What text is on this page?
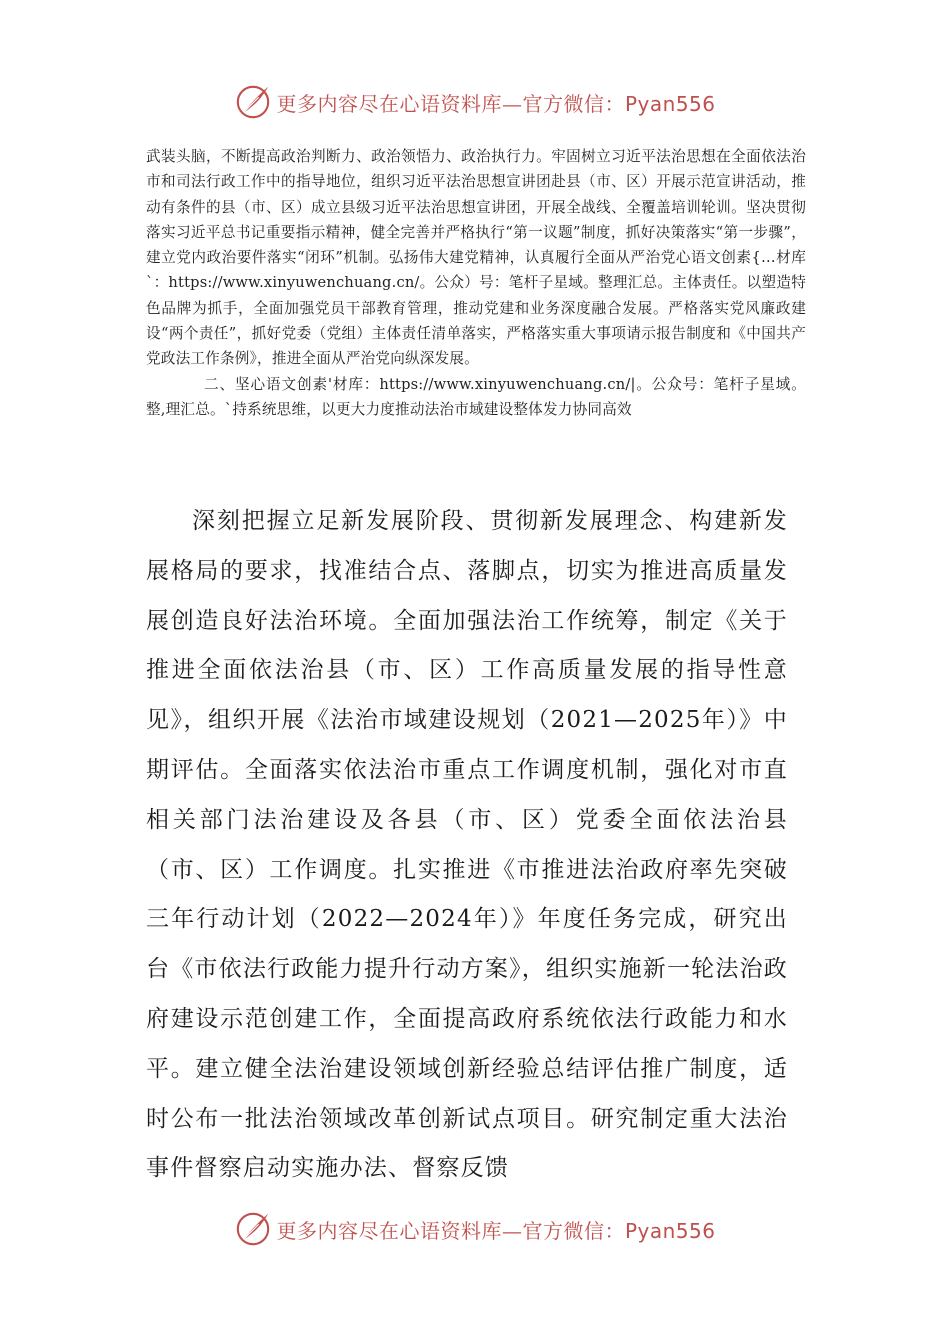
更多内容尽在心语资料库—官方微信：Pyan556

武装头脑，不断提高政治判断力、政治领悟力、政治执行力。牢固树立习近平法治思想在全面依法治市和司法行政工作中的指导地位，组织习近平法治思想宣讲团赴县（市、区）开展示范宣讲活动，推动有条件的县（市、区）成立县级习近平法治思想宣讲团，开展全战线、全覆盖培训轮训。坚决贯彻落实习近平总书记重要指示精神，健全完善并严格执行“第一议题”制度，抓好决策落实“第一步骤”，建立党内政治要件落实“闭环”机制。弘扬伟大建党精神，认真履行全面从严治党心语文创素{…材库`：https://www.xinyuwenchuang.cn/。公众）号：笔杆子星域。整理汇总。主体责任。以塑造特色品牌为抓手，全面加强党员干部教育管理，推动党建和业务深度融合发展。严格落实党风廉政建设“两个责任”，抓好党委（党组）主体责任清单落实，严格落实重大事项请示报告制度和《中国共产党政法工作条例》，推进全面从严治党向纵深发展。

二、坚心语文创素'材库：https://www.xinyuwenchuang.cn/|。公众号：笔杆子星域。整,理汇总。`持系统思维，以更大力度推动法治市域建设整体发力协同高效

深刻把握立足新发展阶段、贯彻新发展理念、构建新发展格局的要求，找准结合点、落脚点，切实为推进高质量发展创造良好法治环境。全面加强法治工作统筹，制定《关于推进全面依法治县（市、区）工作高质量发展的指导性意见》，组织开展《法治市域建设规划（2021—2025年）》中期评估。全面落实依法治市重点工作调度机制，强化对市直相关部门法治建设及各县（市、区）党委全面依法治县（市、区）工作调度。扎实推进《市推进法治政府率先突破三年行动计划（2022—2024年）》年度任务完成，研究出台《市依法行政能力提升行动方案》，组织实施新一轮法治政府建设示范创建工作，全面提高政府系统依法行政能力和水平。建立健全法治建设领域创新经验总结评估推广制度，适时公布一批法治领域改革创新试点项目。研究制定重大法治事件督察启动实施办法、督察反馈

更多内容尽在心语资料库—官方微信：Pyan556
